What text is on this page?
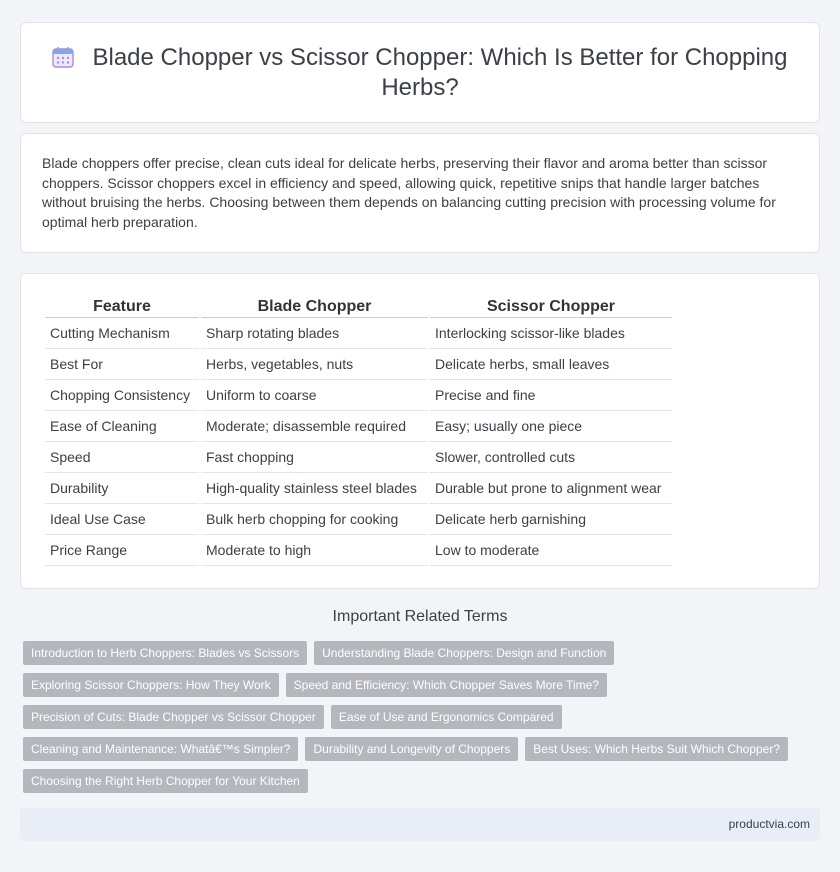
Blade Chopper vs Scissor Chopper: Which Is Better for Chopping Herbs?

Blade choppers offer precise, clean cuts ideal for delicate herbs, preserving their flavor and aroma better than scissor choppers. Scissor choppers excel in efficiency and speed, allowing quick, repetitive snips that handle larger batches without bruising the herbs. Choosing between them depends on balancing cutting precision with processing volume for optimal herb preparation.

Feature	Blade Chopper	Scissor Chopper
Cutting Mechanism	Sharp rotating blades	Interlocking scissor-like blades
Best For	Herbs, vegetables, nuts	Delicate herbs, small leaves
Chopping Consistency	Uniform to coarse	Precise and fine
Ease of Cleaning	Moderate; disassemble required	Easy; usually one piece
Speed	Fast chopping	Slower, controlled cuts
Durability	High-quality stainless steel blades	Durable but prone to alignment wear
Ideal Use Case	Bulk herb chopping for cooking	Delicate herb garnishing
Price Range	Moderate to high	Low to moderate
Important Related Terms
Introduction to Herb Choppers: Blades vs Scissors	Understanding Blade Choppers: Design and Function
Exploring Scissor Choppers: How They Work	Speed and Efficiency: Which Chopper Saves More Time?
Precision of Cuts: Blade Chopper vs Scissor Chopper	Ease of Use and Ergonomics Compared
Cleaning and Maintenance: Whatâ€™s Simpler?	Durability and Longevity of Choppers	Best Uses: Which Herbs Suit Which Chopper?
Choosing the Right Herb Chopper for Your Kitchen
productvia.com
